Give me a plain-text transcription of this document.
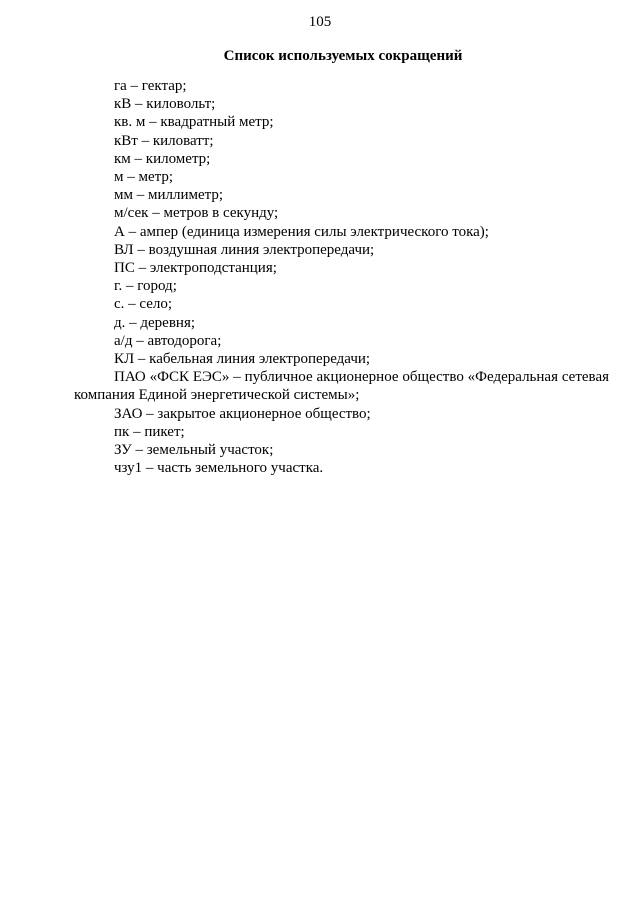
105
Список используемых сокращений
га – гектар;
кВ – киловольт;
кв. м – квадратный метр;
кВт – киловатт;
км – километр;
м – метр;
мм – миллиметр;
м/сек – метров в секунду;
А – ампер (единица измерения силы электрического тока);
ВЛ – воздушная линия электропередачи;
ПС – электроподстанция;
г. – город;
с. – село;
д. – деревня;
а/д – автодорога;
КЛ – кабельная линия электропередачи;
ПАО «ФСК ЕЭС» – публичное акционерное общество «Федеральная сетевая компания Единой энергетической системы»;
ЗАО – закрытое акционерное общество;
пк – пикет;
ЗУ – земельный участок;
чзу1 – часть земельного участка.
